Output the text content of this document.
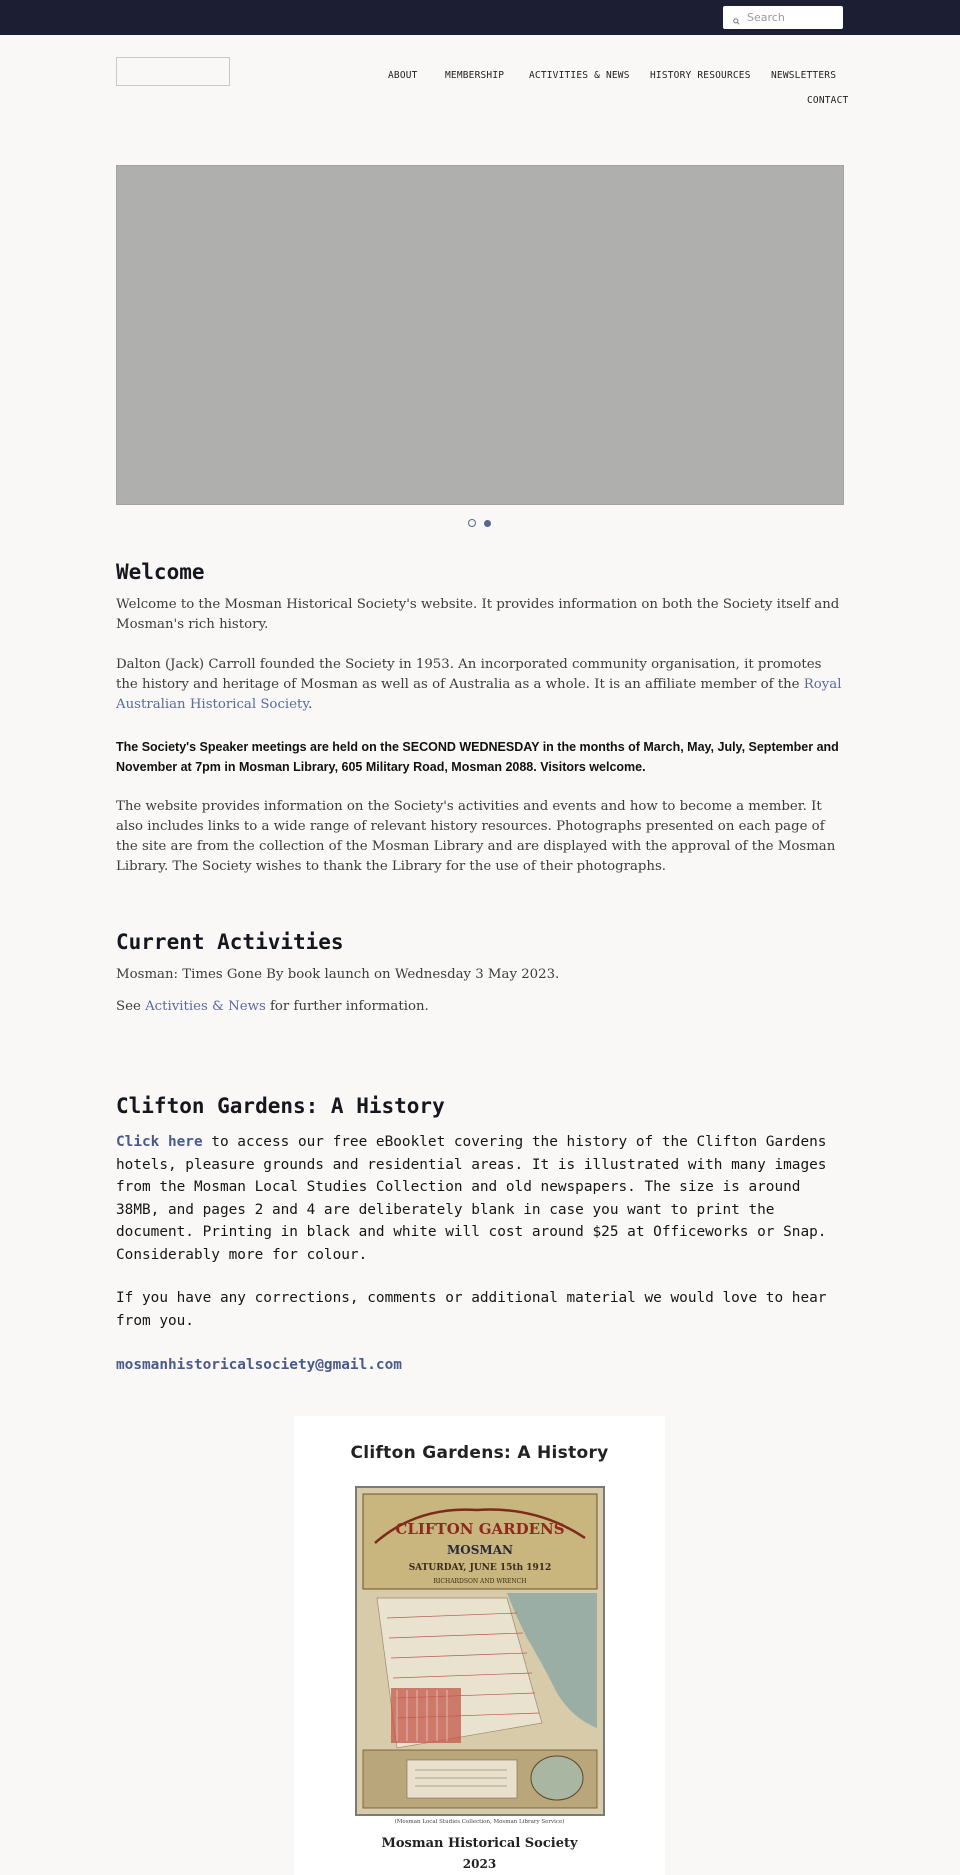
Search
ABOUT	MEMBERSHIP	ACTIVITIES & NEWS HISTORY RESOURCES NEWSLETTERS
CONTACT
Welcome

Welcome to the Mosman Historical Society's website. It provides information on both the Society itself and Mosman's rich history.

Dalton (Jack) Carroll founded the Society in 1953. An incorporated community organisation, it promotes the history and heritage of Mosman as well as of Australia as a whole. It is an affiliate member of the Royal Australian Historical Society.

The Society's Speaker meetings are held on the SECOND WEDNESDAY in the months of March, May, July, September and November at 7pm in Mosman Library, 605 Military Road, Mosman 2088. Visitors welcome.

The website provides information on the Society's activities and events and how to become a member. It also includes links to a wide range of relevant history resources. Photographs presented on each page of the site are from the collection of the Mosman Library and are displayed with the approval of the Mosman Library. The Society wishes to thank the Library for the use of their photographs.

Current Activities

Mosman: Times Gone By book launch on Wednesday 3 May 2023.

See Activities & News for further information.

Clifton Gardens: A History

Click here to access our free eBooklet covering the history of the Clifton Gardens hotels, pleasure grounds and residential areas. It is illustrated with many images from the Mosman Local Studies Collection and old newspapers. The size is around 38MB, and pages 2 and 4 are deliberately blank in case you want to print the document. Printing in black and white will cost around $25 at Officeworks or Snap. Considerably more for colour.

If you have any corrections, comments or additional material we would love to hear from you.

mosmanhistoricalsociety@gmail.com

Clifton Gardens: A History
CLIFTON GARDENS
MOSMAN
SATURDAY, JUNE 15th 1912
RICHARDSON AND WRENCH
(Mosman Local Studies Collection, Mosman Library Service)
Mosman Historical Society
2023
